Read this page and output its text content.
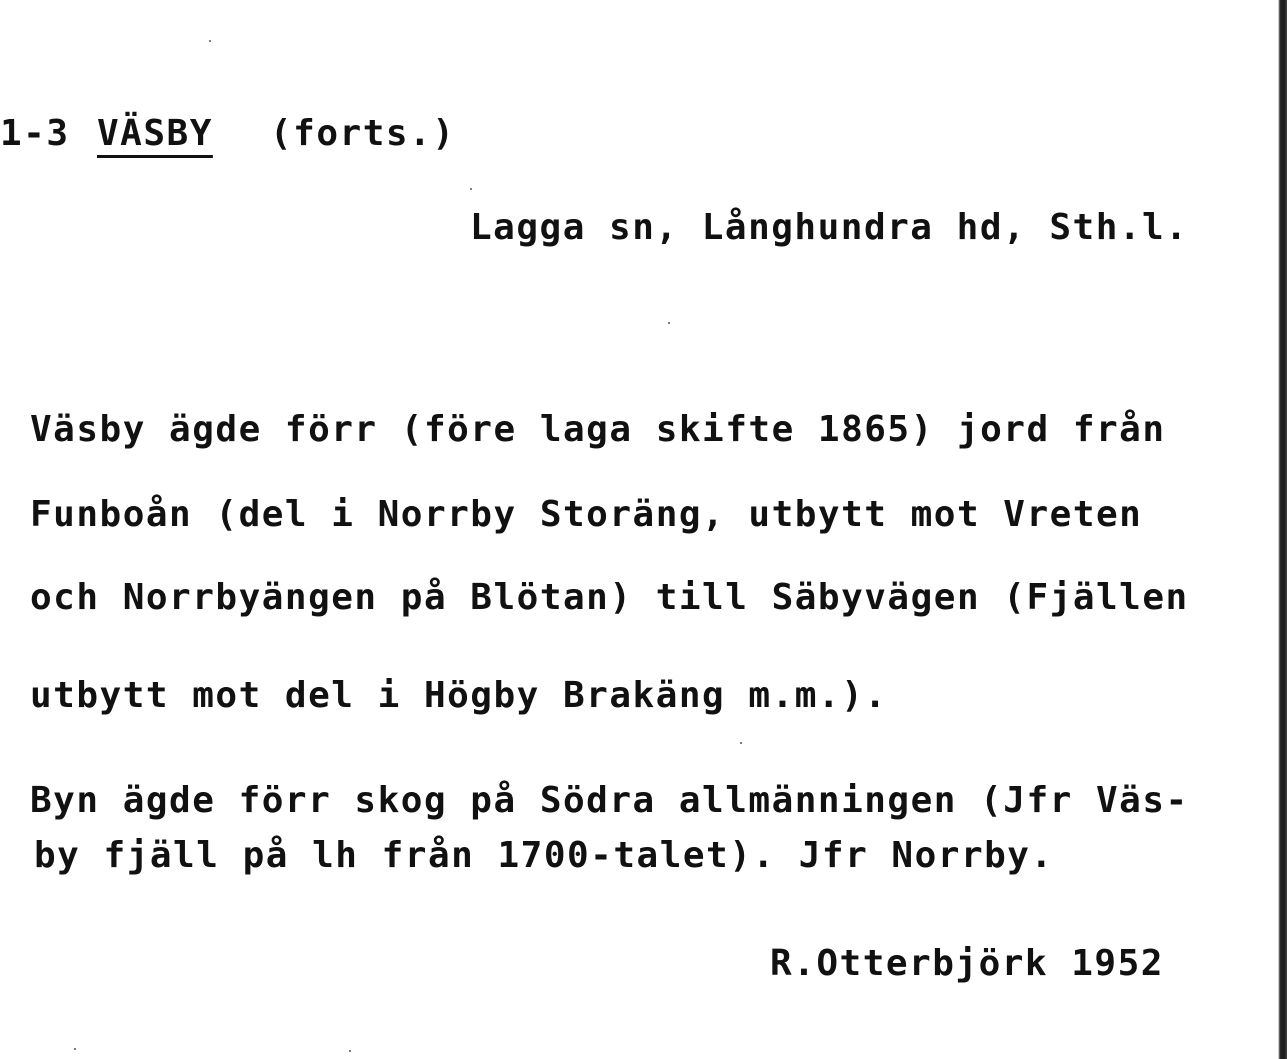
1-3 VÄSBY (forts.)
Lagga sn, Långhundra hd, Sth.l.
Väsby ägde förr (före laga skifte 1865) jord från
Funboån (del i Norrby Storäng, utbytt mot Vreten
och Norrbyängen på Blötan) till Säbyvägen (Fjällen
utbytt mot del i Högby Brakäng m.m.).
Byn ägde förr skog på Södra allmänningen (Jfr Väs-
by fjäll på lh från 1700-talet). Jfr Norrby.
R.Otterbjörk 1952
